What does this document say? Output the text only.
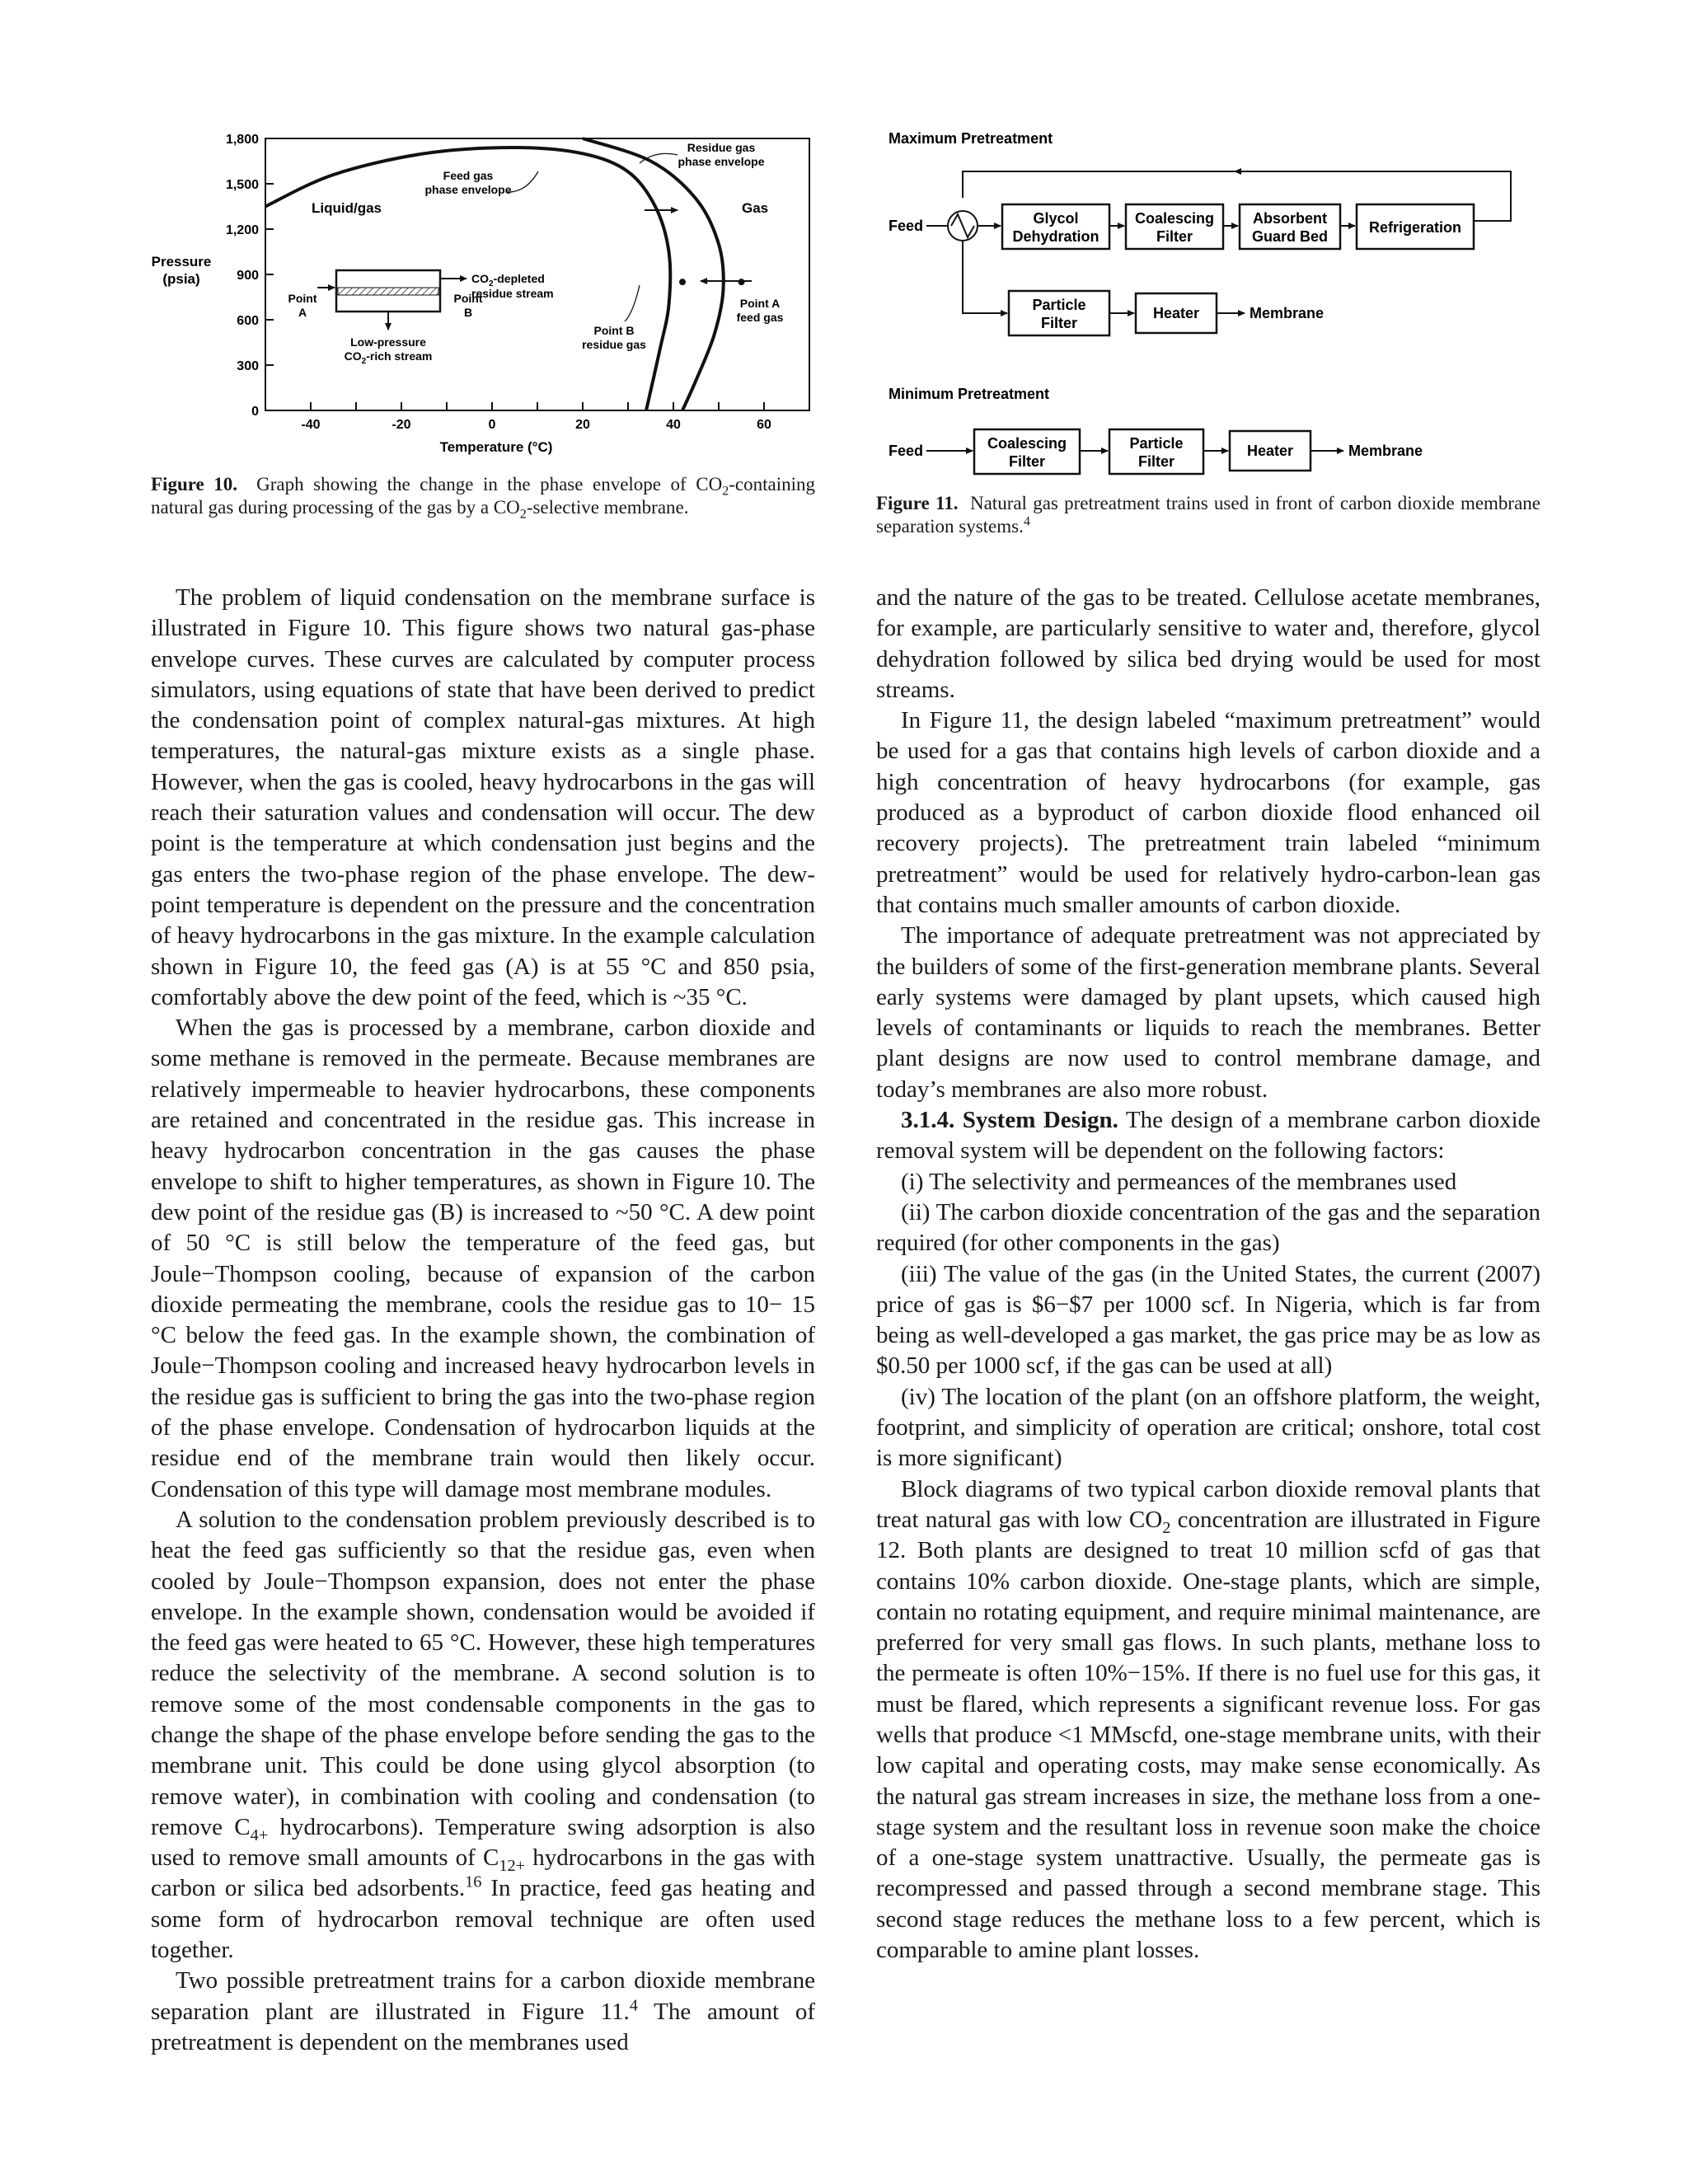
0
300
600
900
1,200
1,500
1,800
-40	-20	0	20	40	60
Pressure
(psia)
Temperature (°C)
Liquid/gas	Gas
Feed gas
phase envelope
Residue gas
phase envelope
Point
A
Point
B
$CO_2$-depleted
residue stream
Low-pressure
$CO_2$-rich stream
Point B
residue gas
Point A
feed gas
Figure 10. Graph showing the change in the phase envelope of $CO_2$-containing natural gas during processing of the gas by a $CO_2$-selective membrane.
Maximum Pretreatment
Feed	Glycol
Dehydration
Coalescing
Filter
Absorbent
Guard Bed
Refrigeration
Particle
Filter
Heater	Membrane
Minimum Pretreatment
Feed	Coalescing
Filter
Particle
Filter
Heater	Membrane
Figure 11. Natural gas pretreatment trains used in front of carbon dioxide membrane separation systems.$^4$

The problem of liquid condensation on the membrane surface is illustrated in Figure 10. This figure shows two natural gas-phase envelope curves. These curves are calculated by computer process simulators, using equations of state that have been derived to predict the condensation point of complex natural-gas mixtures. At high temperatures, the natural-gas mixture exists as a single phase. However, when the gas is cooled, heavy hydrocarbons in the gas will reach their saturation values and condensation will occur. The dew point is the temperature at which condensation just begins and the gas enters the two-phase region of the phase envelope. The dew-point temperature is dependent on the pressure and the concentration of heavy hydrocarbons in the gas mixture. In the example calculation shown in Figure 10, the feed gas (A) is at 55 °C and 850 psia, comfortably above the dew point of the feed, which is ~35 °C.

When the gas is processed by a membrane, carbon dioxide and some methane is removed in the permeate. Because membranes are relatively impermeable to heavier hydrocarbons, these components are retained and concentrated in the residue gas. This increase in heavy hydrocarbon concentration in the gas causes the phase envelope to shift to higher temperatures, as shown in Figure 10. The dew point of the residue gas (B) is increased to ~50 °C. A dew point of 50 °C is still below the temperature of the feed gas, but Joule−Thompson cooling, because of expansion of the carbon dioxide permeating the membrane, cools the residue gas to 10− 15 °C below the feed gas. In the example shown, the combination of Joule−Thompson cooling and increased heavy hydrocarbon levels in the residue gas is sufficient to bring the gas into the two-phase region of the phase envelope. Condensation of hydrocarbon liquids at the residue end of the membrane train would then likely occur. Condensation of this type will damage most membrane modules.

A solution to the condensation problem previously described is to heat the feed gas sufficiently so that the residue gas, even when cooled by Joule−Thompson expansion, does not enter the phase envelope. In the example shown, condensation would be avoided if the feed gas were heated to 65 °C. However, these high temperatures reduce the selectivity of the membrane. A second solution is to remove some of the most condensable components in the gas to change the shape of the phase envelope before sending the gas to the membrane unit. This could be done using glycol absorption (to remove water), in combination with cooling and condensation (to remove $C_{4+}$ hydrocarbons). Temperature swing adsorption is also used to remove small amounts of $C_{12+}$ hydrocarbons in the gas with carbon or silica bed adsorbents.$^{16}$ In practice, feed gas heating and some form of hydrocarbon removal technique are often used together.

Two possible pretreatment trains for a carbon dioxide membrane separation plant are illustrated in Figure 11.$^4$ The amount of pretreatment is dependent on the membranes used

and the nature of the gas to be treated. Cellulose acetate membranes, for example, are particularly sensitive to water and, therefore, glycol dehydration followed by silica bed drying would be used for most streams.

In Figure 11, the design labeled “maximum pretreatment” would be used for a gas that contains high levels of carbon dioxide and a high concentration of heavy hydrocarbons (for example, gas produced as a byproduct of carbon dioxide flood enhanced oil recovery projects). The pretreatment train labeled “minimum pretreatment” would be used for relatively hydro-carbon-lean gas that contains much smaller amounts of carbon dioxide.

The importance of adequate pretreatment was not appreciated by the builders of some of the first-generation membrane plants. Several early systems were damaged by plant upsets, which caused high levels of contaminants or liquids to reach the membranes. Better plant designs are now used to control membrane damage, and today’s membranes are also more robust.

3.1.4. System Design. The design of a membrane carbon dioxide removal system will be dependent on the following factors:

(i) The selectivity and permeances of the membranes used

(ii) The carbon dioxide concentration of the gas and the separation required (for other components in the gas)

(iii) The value of the gas (in the United States, the current (2007) price of gas is $6−$7 per 1000 scf. In Nigeria, which is far from being as well-developed a gas market, the gas price may be as low as $0.50 per 1000 scf, if the gas can be used at all)

(iv) The location of the plant (on an offshore platform, the weight, footprint, and simplicity of operation are critical; onshore, total cost is more significant)

Block diagrams of two typical carbon dioxide removal plants that treat natural gas with low $CO_2$ concentration are illustrated in Figure 12. Both plants are designed to treat 10 million scfd of gas that contains 10% carbon dioxide. One-stage plants, which are simple, contain no rotating equipment, and require minimal maintenance, are preferred for very small gas flows. In such plants, methane loss to the permeate is often 10%−15%. If there is no fuel use for this gas, it must be flared, which represents a significant revenue loss. For gas wells that produce <1 MMscfd, one-stage membrane units, with their low capital and operating costs, may make sense economically. As the natural gas stream increases in size, the methane loss from a one-stage system and the resultant loss in revenue soon make the choice of a one-stage system unattractive. Usually, the permeate gas is recompressed and passed through a second membrane stage. This second stage reduces the methane loss to a few percent, which is comparable to amine plant losses.
